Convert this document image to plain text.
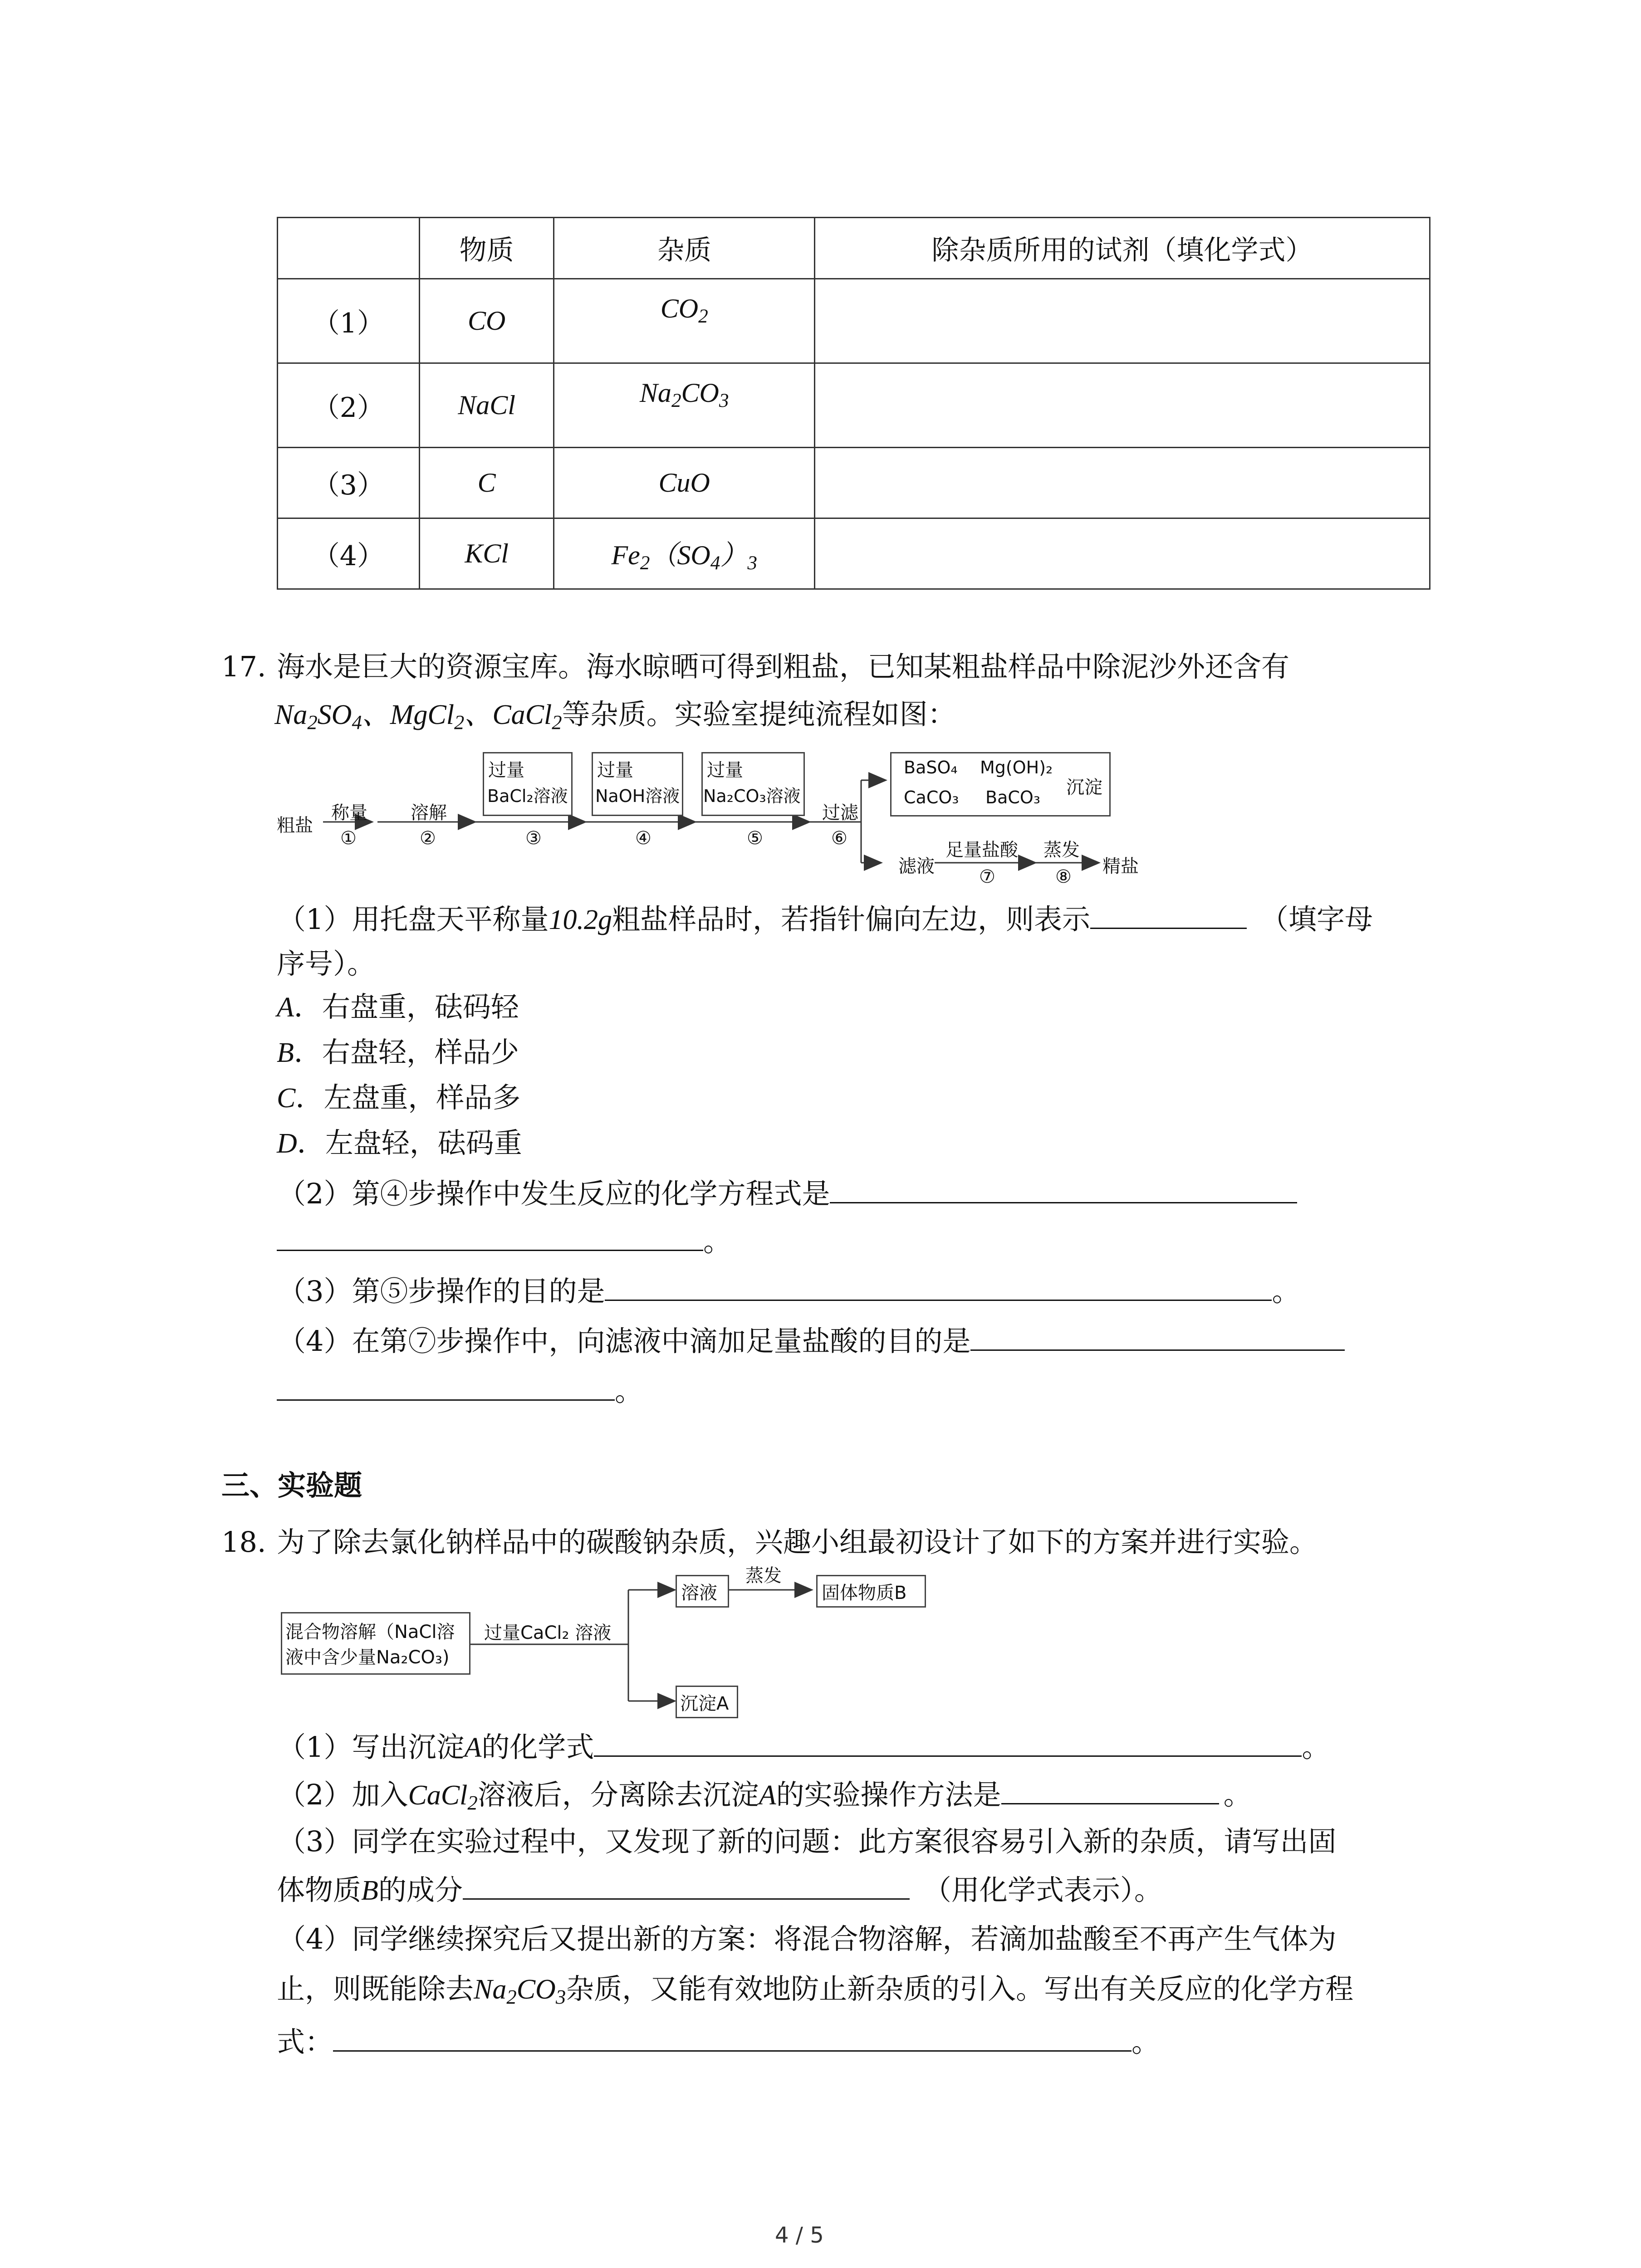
	物质	杂质	除杂质所用的试剂（填化学式）
（1）	CO	$CO_2$	
（2）	NaCl	$Na_2CO_3$	
（3）	C	CuO	
（4）	KCl	$Fe_2(SO_4)_3$	
17. 海水是巨大的资源宝库。海水晾晒可得到粗盐，已知某粗盐样品中除泥沙外还含有
$Na_2SO_4$、MgCl$_2$、CaCl$_2$等杂质。实验室提纯流程如图：
粗盐
称量
①
溶解
②
过量
BaCl₂溶液
③
过量
NaOH溶液
④
过量
Na₂CO₃溶液
⑤
过滤
⑥
BaSO₄ Mg(OH)₂
CaCO₃ BaCO₃ 沉淀
滤液
足量盐酸
⑦
蒸发
⑧ 精盐
（1）用托盘天平称量10.2g粗盐样品时，若指针偏向左边，则表示	（填字母
序号）。
A．右盘重，砝码轻
B．右盘轻，样品少
C．左盘重，样品多
D．左盘轻，砝码重
（2）第④步操作中发生反应的化学方程式是
。
（3）第⑤步操作的目的是	。
（4）在第⑦步操作中，向滤液中滴加足量盐酸的目的是
。
三、实验题
18. 为了除去氯化钠样品中的碳酸钠杂质，兴趣小组最初设计了如下的方案并进行实验。
混合物溶解（NaCl溶
液中含少量Na₂CO₃)
过量CaCl₂ 溶液
溶液
蒸发
固体物质B
沉淀A
（1）写出沉淀A的化学式	。
（2）加入CaCl$_2$溶液后，分离除去沉淀A的实验操作方法是	。
（3）同学在实验过程中，又发现了新的问题：此方案很容易引入新的杂质，请写出固
体物质B的成分	（用化学式表示）。
（4）同学继续探究后又提出新的方案：将混合物溶解，若滴加盐酸至不再产生气体为
止，则既能除去$Na_2CO_3$杂质，又能有效地防止新杂质的引入。写出有关反应的化学方程
式：	。
4 / 5
